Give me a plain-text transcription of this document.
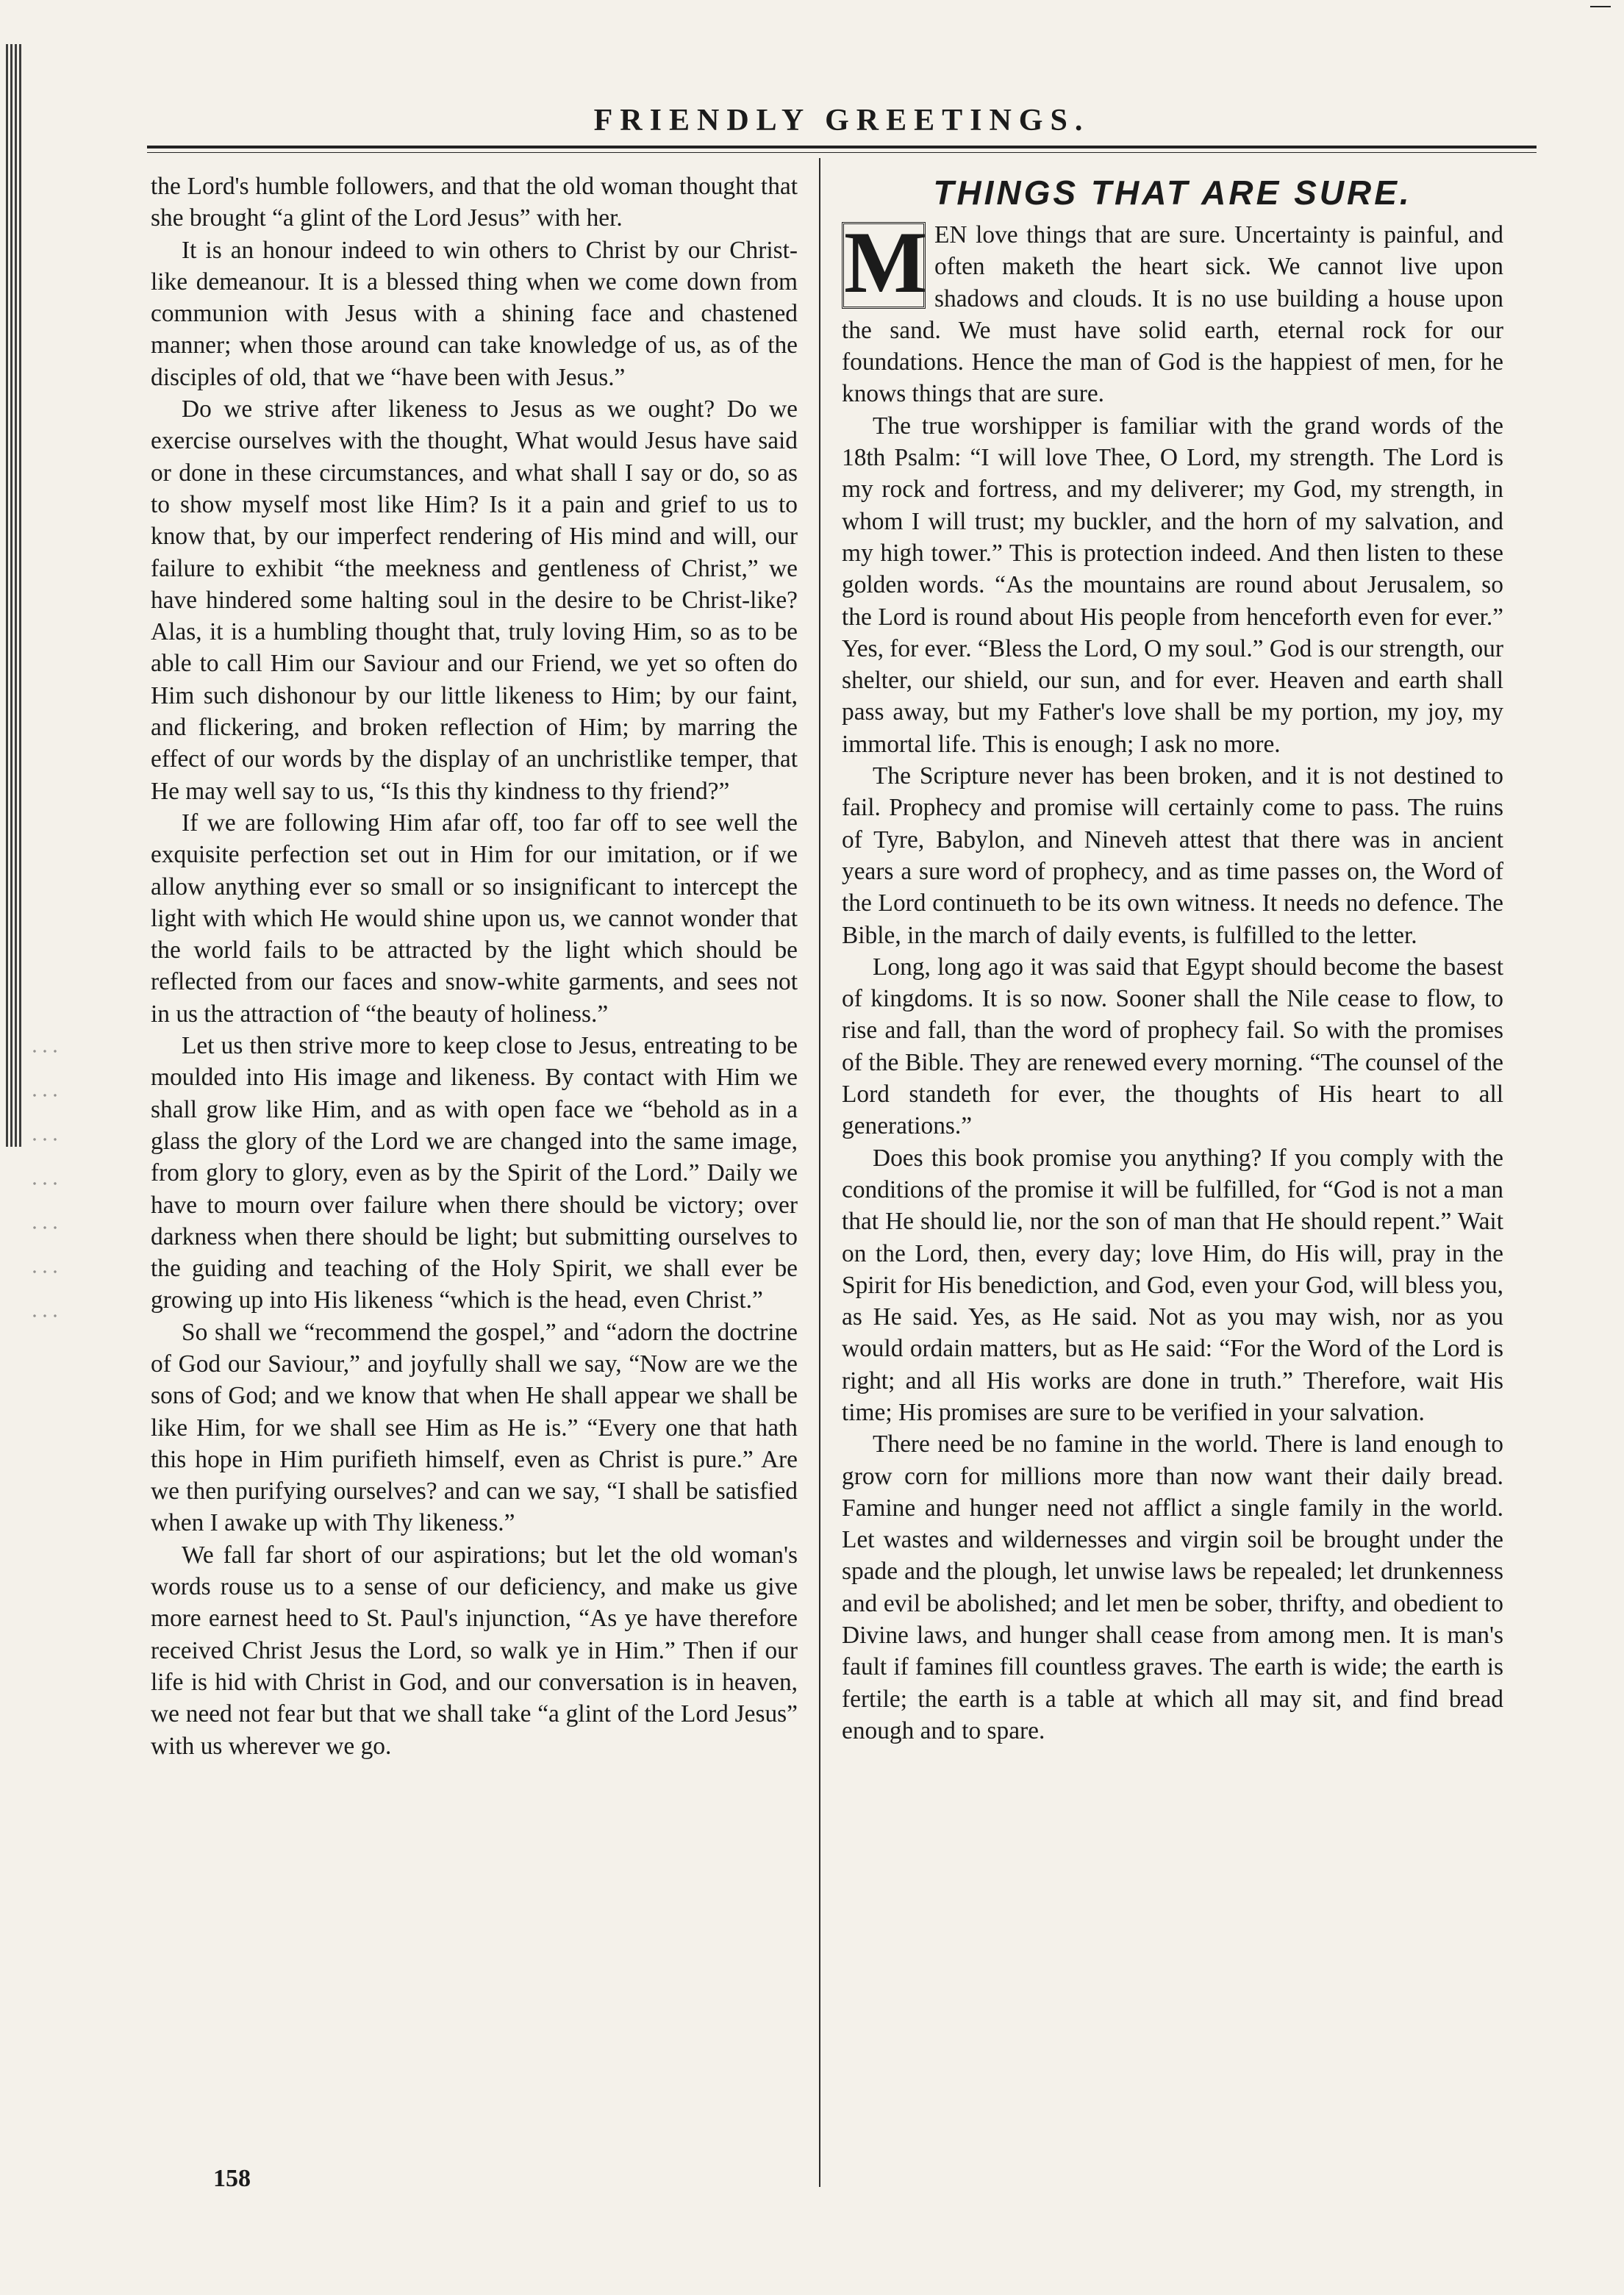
FRIENDLY GREETINGS.

the Lord's humble followers, and that the old woman thought that she brought “a glint of the Lord Jesus” with her.

It is an honour indeed to win others to Christ by our Christ-like demeanour. It is a blessed thing when we come down from communion with Jesus with a shining face and chastened manner; when those around can take knowledge of us, as of the disciples of old, that we “have been with Jesus.”

Do we strive after likeness to Jesus as we ought? Do we exercise ourselves with the thought, What would Jesus have said or done in these circumstances, and what shall I say or do, so as to show myself most like Him? Is it a pain and grief to us to know that, by our imperfect rendering of His mind and will, our failure to exhibit “the meekness and gentleness of Christ,” we have hindered some halting soul in the desire to be Christ-like? Alas, it is a humbling thought that, truly loving Him, so as to be able to call Him our Saviour and our Friend, we yet so often do Him such dishonour by our little likeness to Him; by our faint, and flickering, and broken reflection of Him; by marring the effect of our words by the display of an unchristlike temper, that He may well say to us, “Is this thy kindness to thy friend?”

If we are following Him afar off, too far off to see well the exquisite perfection set out in Him for our imitation, or if we allow anything ever so small or so insignificant to intercept the light with which He would shine upon us, we cannot wonder that the world fails to be attracted by the light which should be reflected from our faces and snow-white garments, and sees not in us the attraction of “the beauty of holiness.”

Let us then strive more to keep close to Jesus, entreating to be moulded into His image and likeness. By contact with Him we shall grow like Him, and as with open face we “behold as in a glass the glory of the Lord we are changed into the same image, from glory to glory, even as by the Spirit of the Lord.” Daily we have to mourn over failure when there should be victory; over darkness when there should be light; but submitting ourselves to the guiding and teaching of the Holy Spirit, we shall ever be growing up into His likeness “which is the head, even Christ.”

So shall we “recommend the gospel,” and “adorn the doctrine of God our Saviour,” and joyfully shall we say, “Now are we the sons of God; and we know that when He shall appear we shall be like Him, for we shall see Him as He is.” “Every one that hath this hope in Him purifieth himself, even as Christ is pure.” Are we then purifying ourselves? and can we say, “I shall be satisfied when I awake up with Thy likeness.”

We fall far short of our aspirations; but let the old woman's words rouse us to a sense of our deficiency, and make us give more earnest heed to St. Paul's injunction, “As ye have therefore received Christ Jesus the Lord, so walk ye in Him.” Then if our life is hid with Christ in God, and our conversation is in heaven, we need not fear but that we shall take “a glint of the Lord Jesus” with us wherever we go.

THINGS THAT ARE SURE.

M EN love things that are sure. Uncertainty is painful, and often maketh the heart sick. We cannot live upon shadows and clouds. It is no use building a house upon the sand. We must have solid earth, eternal rock for our foundations. Hence the man of God is the happiest of men, for he knows things that are sure.

The true worshipper is familiar with the grand words of the 18th Psalm: “I will love Thee, O Lord, my strength. The Lord is my rock and fortress, and my deliverer; my God, my strength, in whom I will trust; my buckler, and the horn of my salvation, and my high tower.” This is protection indeed. And then listen to these golden words. “As the mountains are round about Jerusalem, so the Lord is round about His people from henceforth even for ever.” Yes, for ever. “Bless the Lord, O my soul.” God is our strength, our shelter, our shield, our sun, and for ever. Heaven and earth shall pass away, but my Father's love shall be my portion, my joy, my immortal life. This is enough; I ask no more.

The Scripture never has been broken, and it is not destined to fail. Prophecy and promise will certainly come to pass. The ruins of Tyre, Babylon, and Nineveh attest that there was in ancient years a sure word of prophecy, and as time passes on, the Word of the Lord continueth to be its own witness. It needs no defence. The Bible, in the march of daily events, is fulfilled to the letter.

Long, long ago it was said that Egypt should become the basest of kingdoms. It is so now. Sooner shall the Nile cease to flow, to rise and fall, than the word of prophecy fail. So with the promises of the Bible. They are renewed every morning. “The counsel of the Lord standeth for ever, the thoughts of His heart to all generations.”

Does this book promise you anything? If you comply with the conditions of the promise it will be fulfilled, for “God is not a man that He should lie, nor the son of man that He should repent.” Wait on the Lord, then, every day; love Him, do His will, pray in the Spirit for His benediction, and God, even your God, will bless you, as He said. Yes, as He said. Not as you may wish, nor as you would ordain matters, but as He said: “For the Word of the Lord is right; and all His works are done in truth.” Therefore, wait His time; His promises are sure to be verified in your salvation.

There need be no famine in the world. There is land enough to grow corn for millions more than now want their daily bread. Famine and hunger need not afflict a single family in the world. Let wastes and wildernesses and virgin soil be brought under the spade and the plough, let unwise laws be repealed; let drunkenness and evil be abolished; and let men be sober, thrifty, and obedient to Divine laws, and hunger shall cease from among men. It is man's fault if famines fill countless graves. The earth is wide; the earth is fertile; the earth is a table at which all may sit, and find bread enough and to spare.

158
